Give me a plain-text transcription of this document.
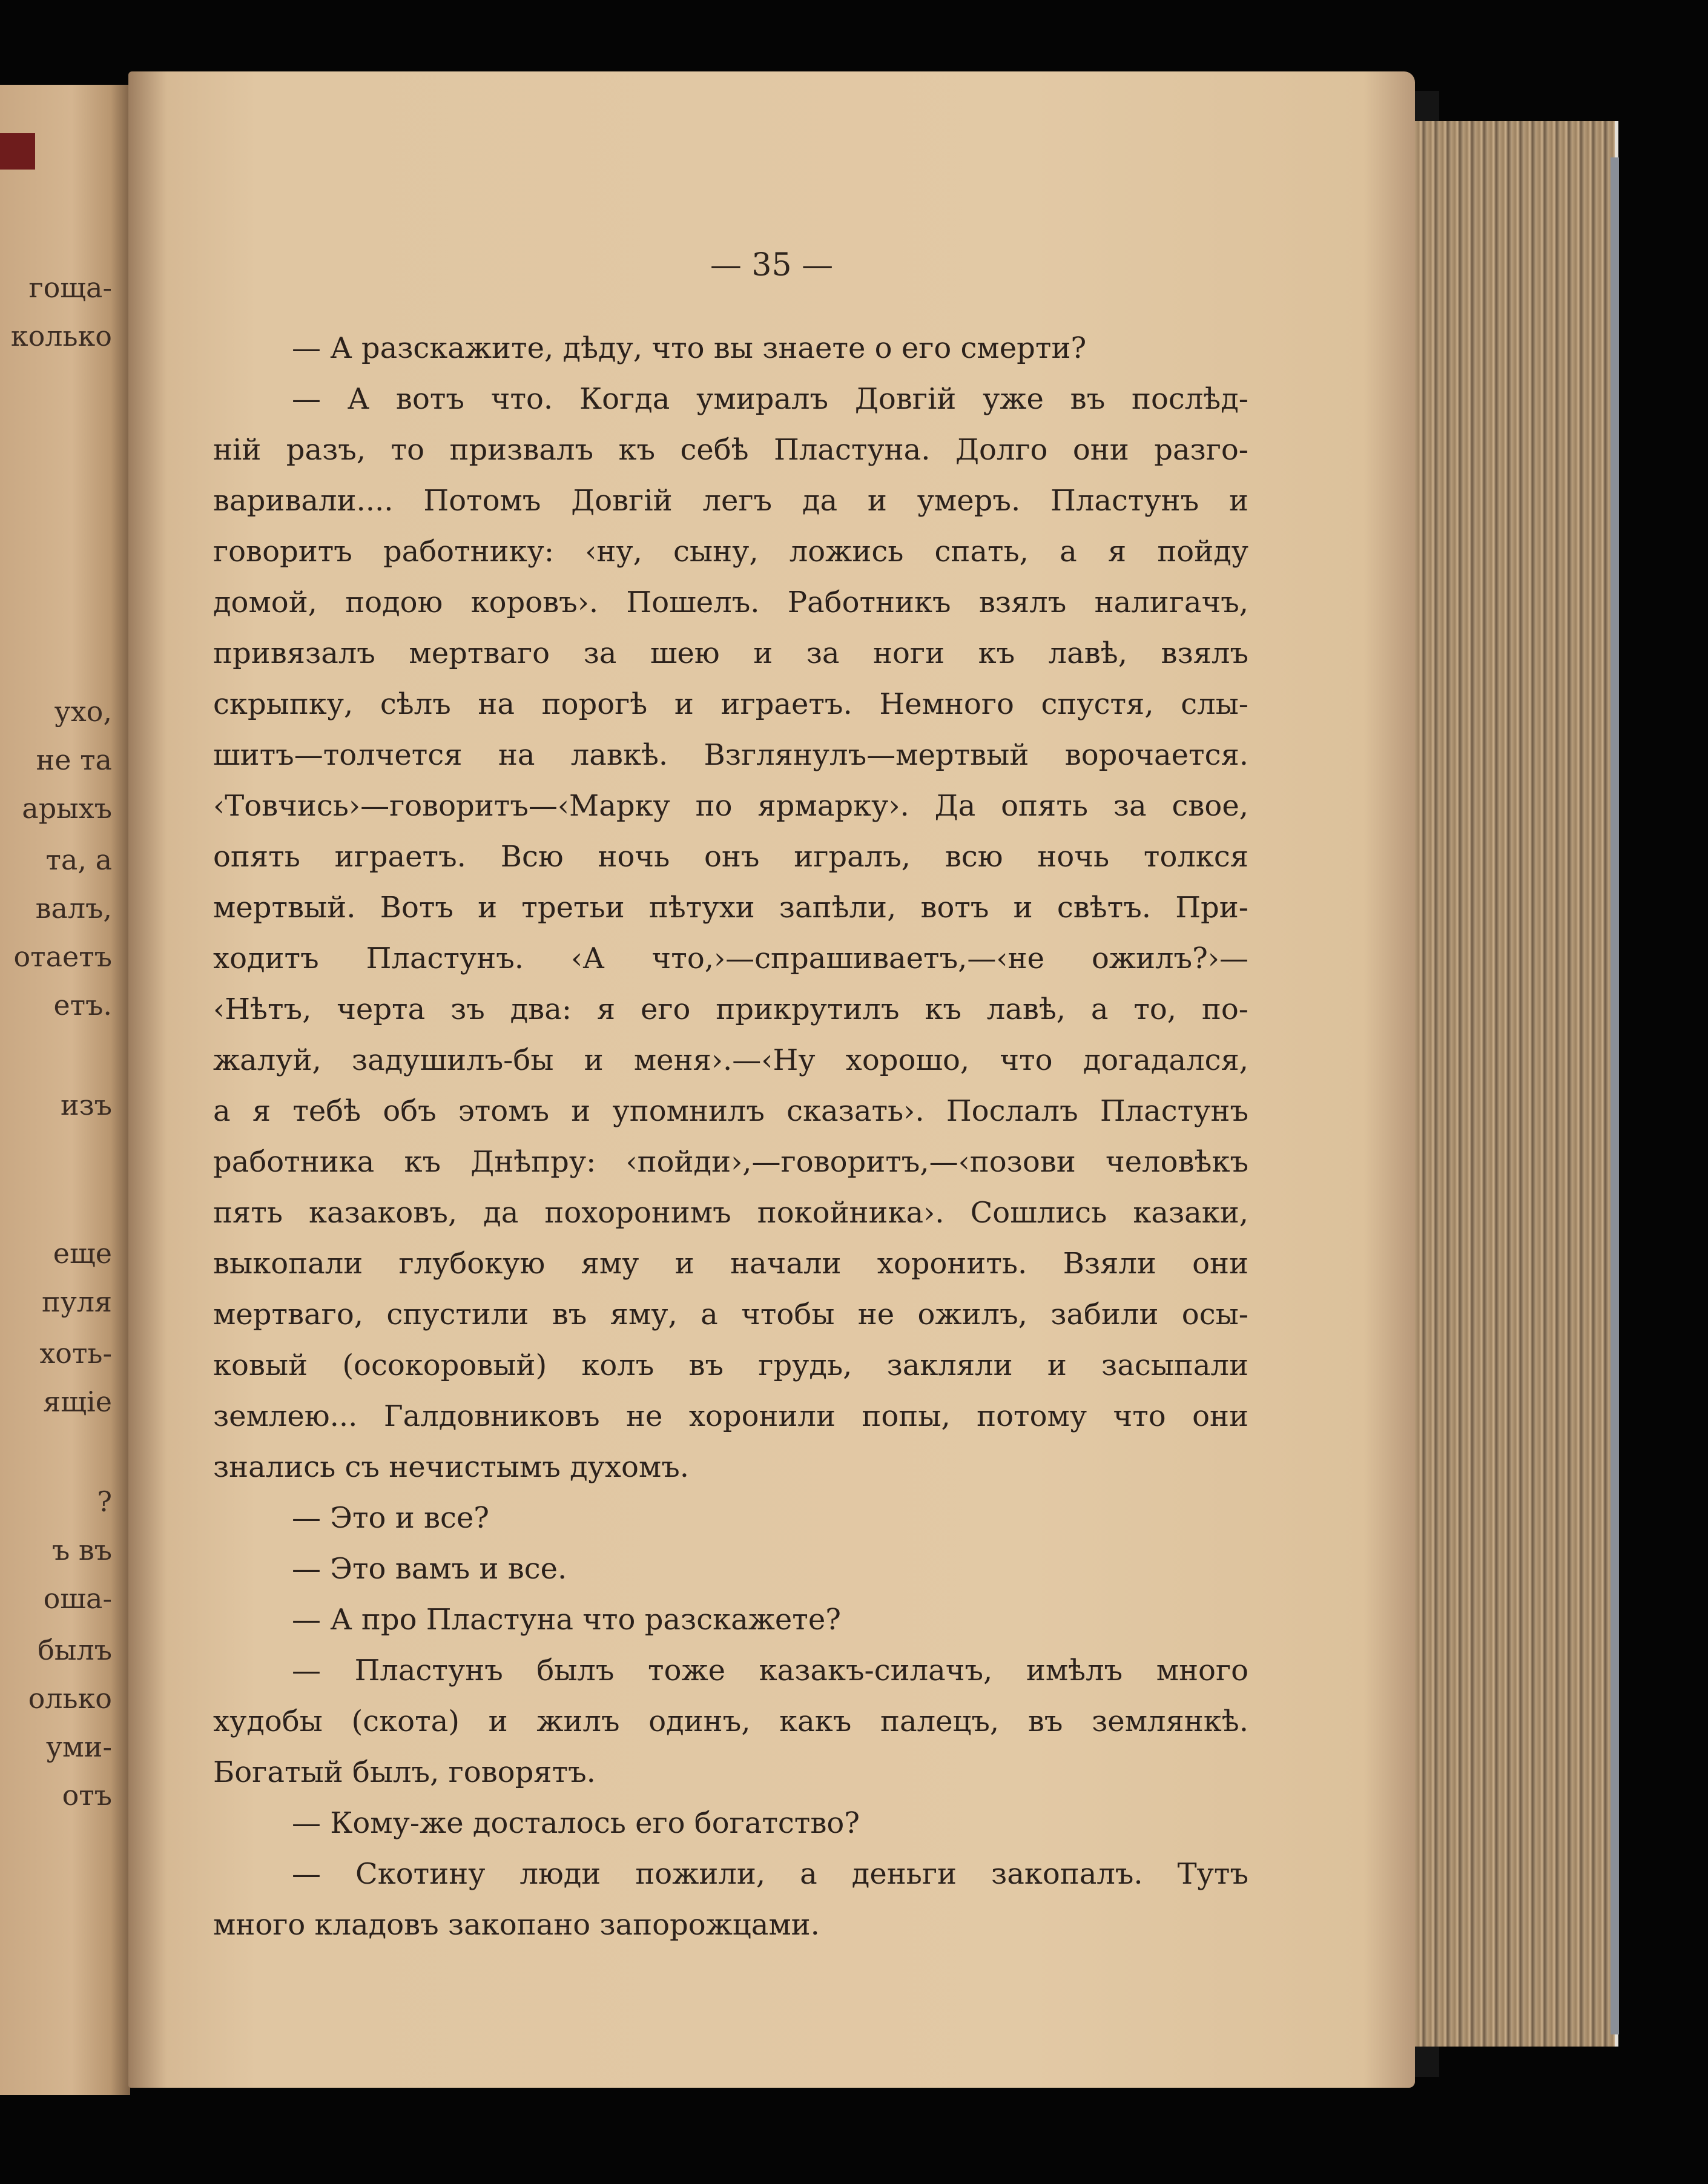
гоща-
колько
ухо,
не та
арыхъ
та, а
валъ,
отаетъ
етъ.
изъ
еще
пуля
хоть-
ящіе
?
ъ въ
оша-
былъ
олько
уми-
отъ
— 35 —
— А разскажите, дѣду, что вы знаете о его смерти?
— А вотъ что. Когда умиралъ Довгій уже въ послѣд-
ній разъ, то призвалъ къ себѣ Пластуна. Долго они разго-
варивали.... Потомъ Довгій легъ да и умеръ. Пластунъ и
говоритъ работнику: ‹ну, сыну, ложись спать, а я пойду
домой, подою коровъ›. Пошелъ. Работникъ взялъ налигачъ,
привязалъ мертваго за шею и за ноги къ лавѣ, взялъ
скрыпку, сѣлъ на порогѣ и играетъ. Немного спустя, слы-
шитъ—толчется на лавкѣ. Взглянулъ—мертвый ворочается.
‹Товчись›—говоритъ—‹Марку по ярмарку›. Да опять за свое,
опять играетъ. Всю ночь онъ игралъ, всю ночь толкся
мертвый. Вотъ и третьи пѣтухи запѣли, вотъ и свѣтъ. При-
ходитъ Пластунъ. ‹А что,›—спрашиваетъ,—‹не ожилъ?›—
‹Нѣтъ, черта зъ два: я его прикрутилъ къ лавѣ, а то, по-
жалуй, задушилъ-бы и меня›.—‹Ну хорошо, что догадался,
а я тебѣ объ этомъ и упомнилъ сказать›. Послалъ Пластунъ
работника къ Днѣпру: ‹пойди›,—говоритъ,—‹позови человѣкъ
пять казаковъ, да похоронимъ покойника›. Сошлись казаки,
выкопали глубокую яму и начали хоронить. Взяли они
мертваго, спустили въ яму, а чтобы не ожилъ, забили осы-
ковый (осокоровый) колъ въ грудь, закляли и засыпали
землею... Галдовниковъ не хоронили попы, потому что они
знались съ нечистымъ духомъ.
— Это и все?
— Это вамъ и все.
— А про Пластуна что разскажете?
— Пластунъ былъ тоже казакъ-силачъ, имѣлъ много
худобы (скота) и жилъ одинъ, какъ палецъ, въ землянкѣ.
Богатый былъ, говорятъ.
— Кому-же досталось его богатство?
— Скотину люди пожили, а деньги закопалъ. Тутъ
много кладовъ закопано запорожцами.
